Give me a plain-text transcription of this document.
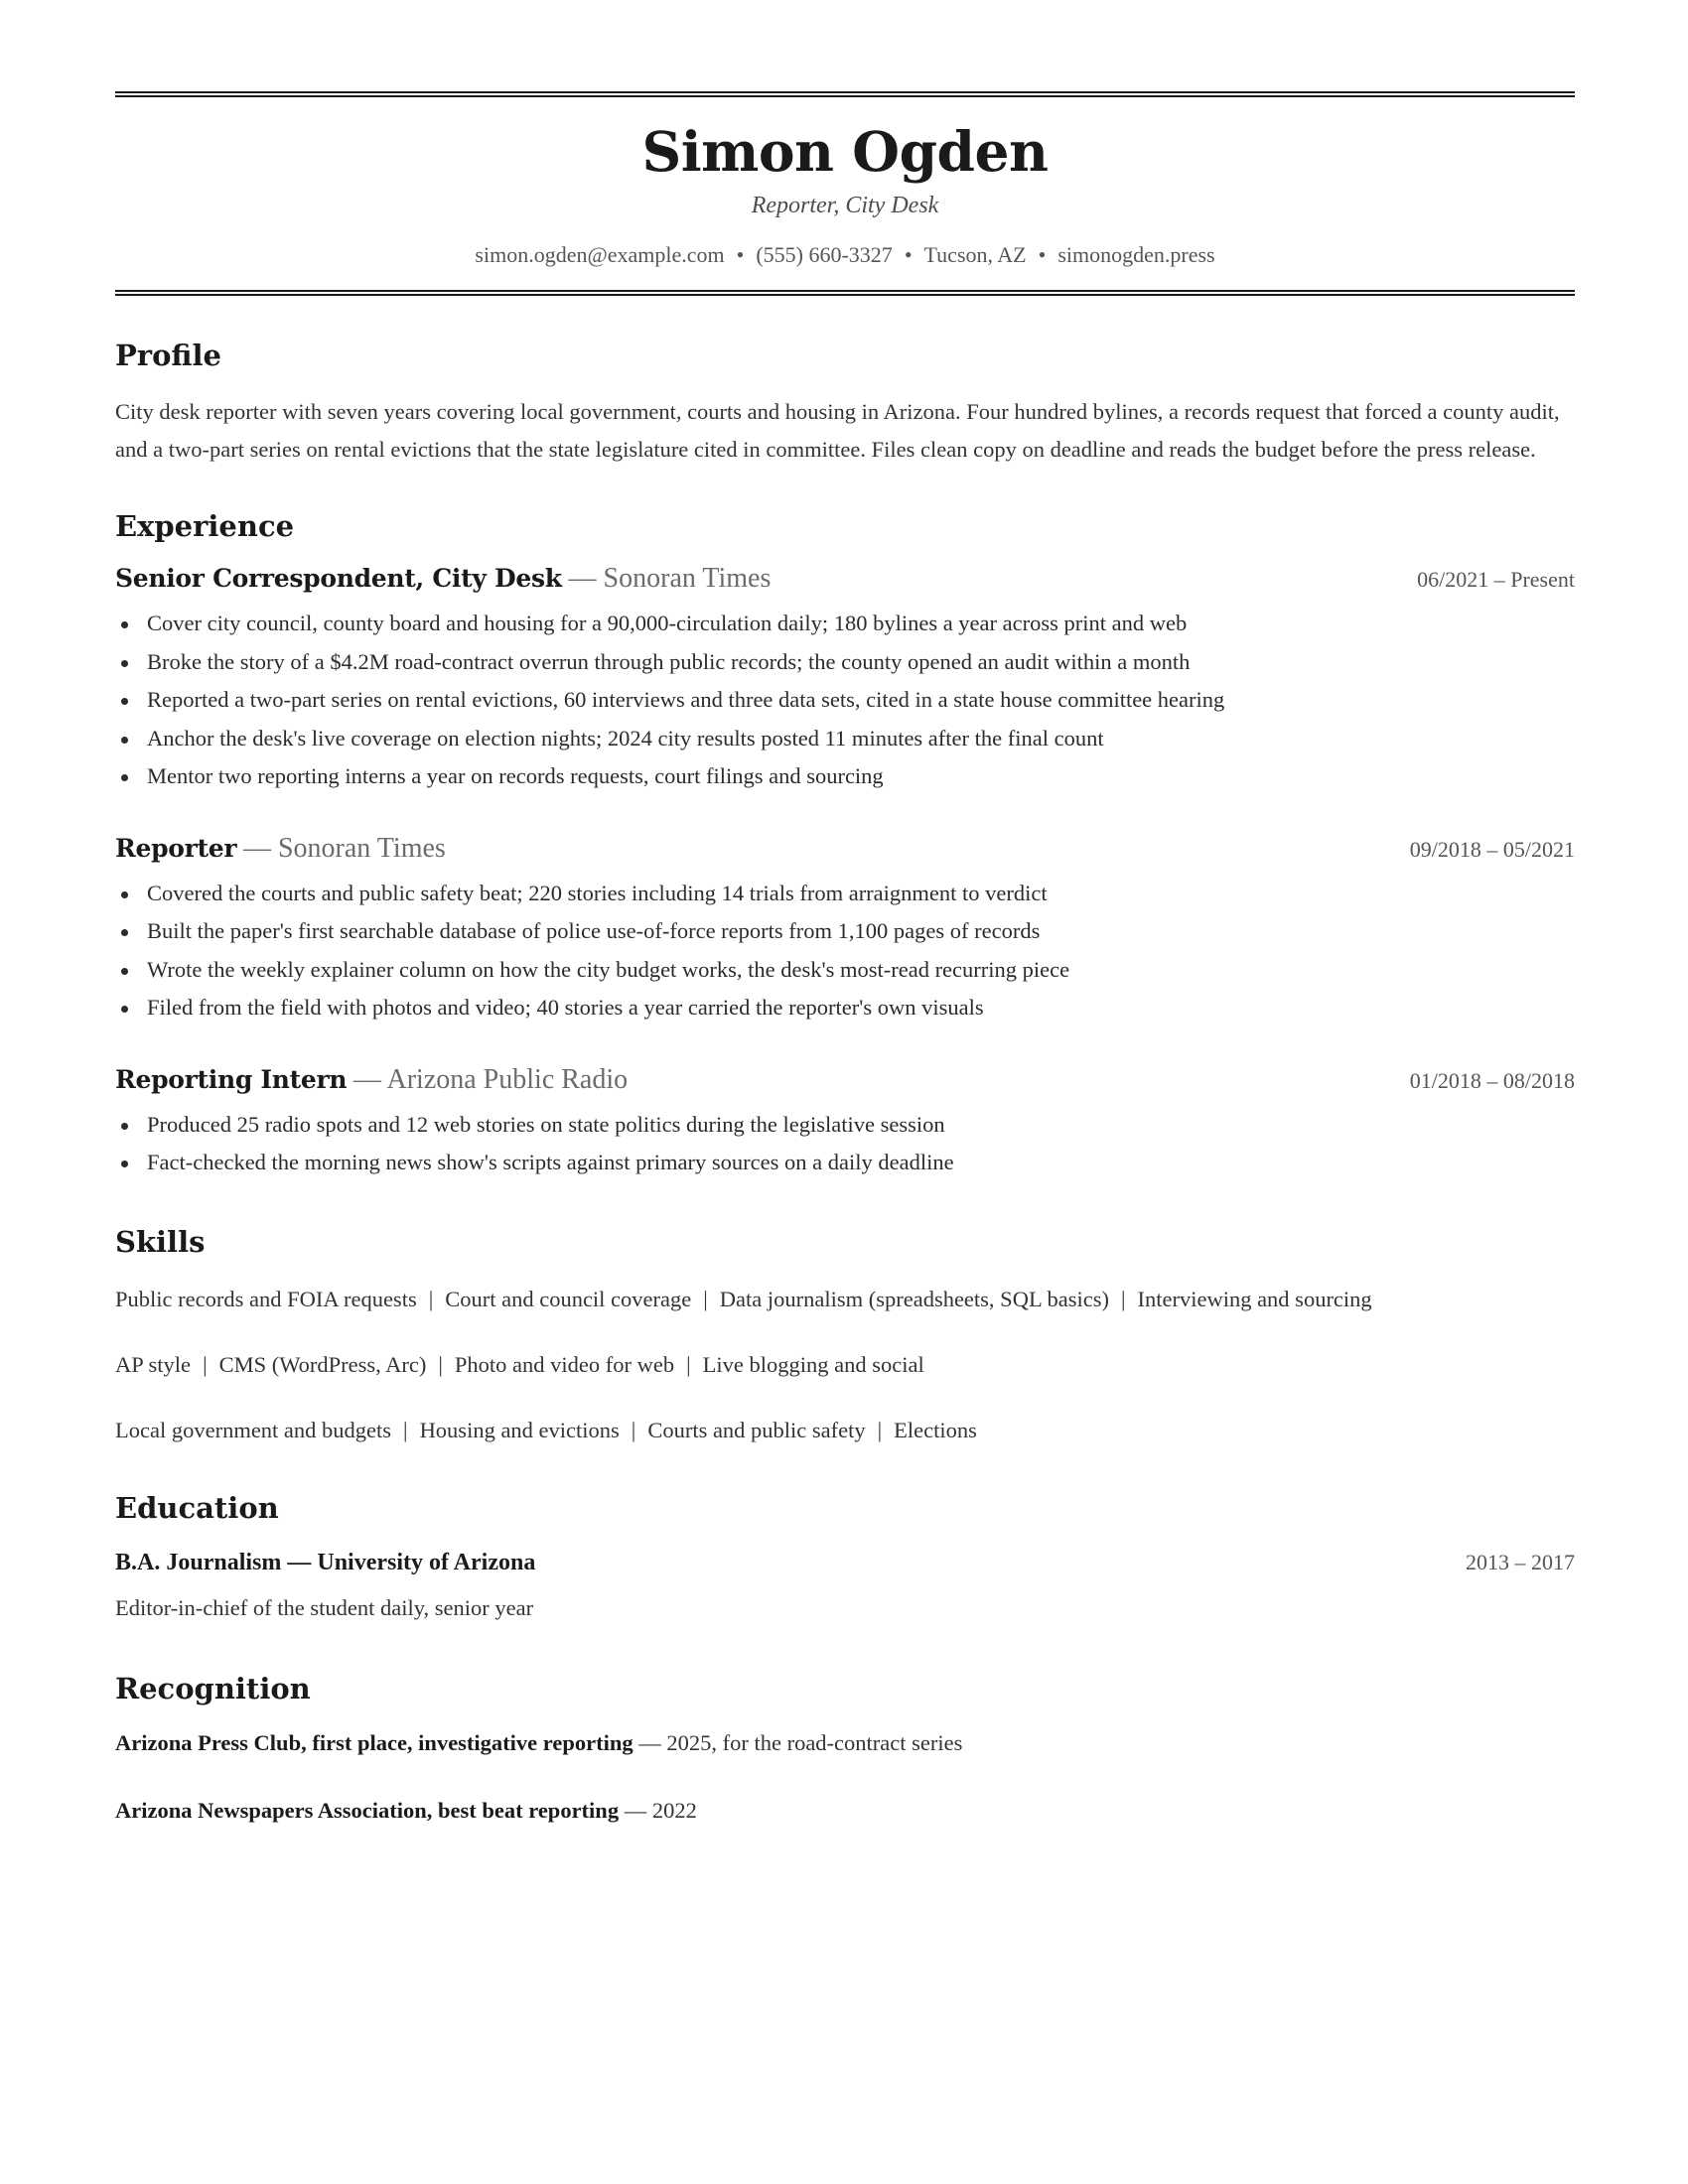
Simon Ogden
Reporter, City Desk
simon.ogden@example.com • (555) 660-3327 • Tucson, AZ • simonogden.press
Profile
City desk reporter with seven years covering local government, courts and housing in Arizona. Four hundred bylines, a records request that forced a county audit, and a two-part series on rental evictions that the state legislature cited in committee. Files clean copy on deadline and reads the budget before the press release.
Experience
Senior Correspondent, City Desk — Sonoran Times	06/2021 – Present
Cover city council, county board and housing for a 90,000-circulation daily; 180 bylines a year across print and web
Broke the story of a $4.2M road-contract overrun through public records; the county opened an audit within a month
Reported a two-part series on rental evictions, 60 interviews and three data sets, cited in a state house committee hearing
Anchor the desk's live coverage on election nights; 2024 city results posted 11 minutes after the final count
Mentor two reporting interns a year on records requests, court filings and sourcing
Reporter — Sonoran Times	09/2018 – 05/2021
Covered the courts and public safety beat; 220 stories including 14 trials from arraignment to verdict
Built the paper's first searchable database of police use-of-force reports from 1,100 pages of records
Wrote the weekly explainer column on how the city budget works, the desk's most-read recurring piece
Filed from the field with photos and video; 40 stories a year carried the reporter's own visuals
Reporting Intern — Arizona Public Radio	01/2018 – 08/2018
Produced 25 radio spots and 12 web stories on state politics during the legislative session
Fact-checked the morning news show's scripts against primary sources on a daily deadline
Skills
Public records and FOIA requests | Court and council coverage | Data journalism (spreadsheets, SQL basics) | Interviewing and sourcing
AP style | CMS (WordPress, Arc) | Photo and video for web | Live blogging and social
Local government and budgets | Housing and evictions | Courts and public safety | Elections
Education
B.A. Journalism — University of Arizona	2013 – 2017
Editor-in-chief of the student daily, senior year
Recognition
Arizona Press Club, first place, investigative reporting — 2025, for the road-contract series
Arizona Newspapers Association, best beat reporting — 2022
